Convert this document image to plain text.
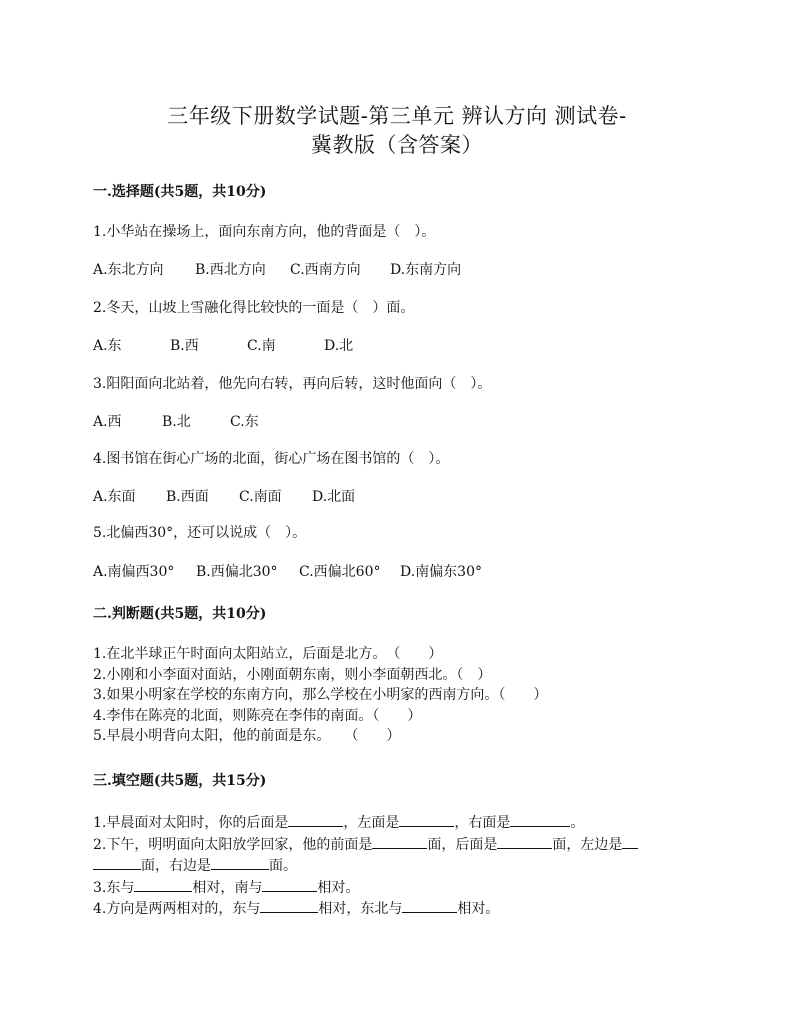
三年级下册数学试题-第三单元 辨认方向 测试卷-
冀教版（含答案）
一.选择题(共5题，共10分)
1.小华站在操场上，面向东南方向，他的背面是（　）。
A.东北方向 B.西北方向 C.西南方向 D.东南方向
2.冬天，山坡上雪融化得比较快的一面是（　）面。
A.东	B.西	C.南	D.北
3.阳阳面向北站着，他先向右转，再向后转，这时他面向（　）。
A.西	B.北	C.东
4.图书馆在街心广场的北面，街心广场在图书馆的（　）。
A.东面 B.西面 C.南面 D.北面
5.北偏西30°，还可以说成（　）。
A.南偏西30° B.西偏北30° C.西偏北60° D.南偏东30°
二.判断题(共5题，共10分)
1.在北半球正午时面向太阳站立，后面是北方。　（　　）
2.小刚和小李面对面站，小刚面朝东南，则小李面朝西北。（　）
3.如果小明家在学校的东南方向，那么学校在小明家的西南方向。（　　）
4.李伟在陈亮的北面，则陈亮在李伟的南面。（　　）
5.早晨小明背向太阳，他的前面是东。　　（　　）
三.填空题(共5题，共15分)
1.早晨面对太阳时，你的后面是	，左面是	，右面是	。
2.下午，明明面向太阳放学回家，他的前面是	面，后面是	面，左边是
面，右边是	面。
3.东与	相对，南与	相对。
4.方向是两两相对的，东与	相对，东北与	相对。
